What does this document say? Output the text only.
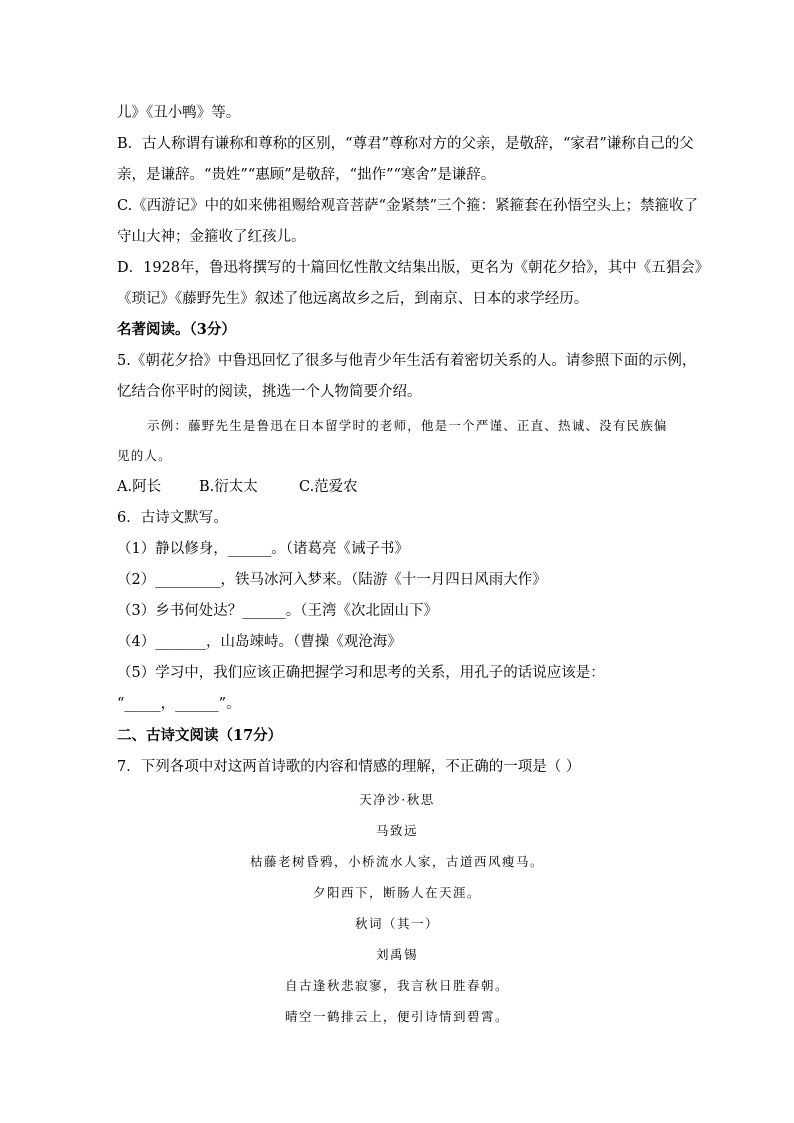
儿》《丑小鸭》等。
B．古人称谓有谦称和尊称的区别，“尊君”尊称对方的父亲，是敬辞，“家君”谦称自己的父
亲，是谦辞。“贵姓”“惠顾”是敬辞，“拙作”“寒舍”是谦辞。
C.《西游记》中的如来佛祖赐给观音菩萨“金紧禁”三个箍：紧箍套在孙悟空头上；禁箍收了
守山大神；金箍收了红孩儿。
D．1928年，鲁迅将撰写的十篇回忆性散文结集出版，更名为《朝花夕拾》，其中《五猖会》
《琐记》《藤野先生》叙述了他远离故乡之后，到南京、日本的求学经历。
名著阅读。（3分）
5.《朝花夕拾》中鲁迅回忆了很多与他青少年生活有着密切关系的人。请参照下面的示例，
忆结合你平时的阅读，挑选一个人物简要介绍。
示例：藤野先生是鲁迅在日本留学时的老师，他是一个严谨、正直、热诚、没有民族偏
见的人。
A.阿长	B.衍太太	C.范爱农
6．古诗文默写。
（1）静以修身，______。（诸葛亮《诫子书》
（2）_________，铁马冰河入梦来。（陆游《十一月四日风雨大作》
（3）乡书何处达？______。（王湾《次北固山下》
（4）_______，山岛竦峙。（曹操《观沧海》
（5）学习中，我们应该正确把握学习和思考的关系，用孔子的话说应该是：
“_____，______”。
二、古诗文阅读（17分）
7．下列各项中对这两首诗歌的内容和情感的理解，不正确的一项是（ ）
天净沙·秋思
马致远
枯藤老树昏鸦，小桥流水人家，古道西风瘦马。
夕阳西下，断肠人在天涯。
秋词（其一）
刘禹锡
自古逢秋悲寂寥，我言秋日胜春朝。
晴空一鹤排云上，便引诗情到碧霄。
